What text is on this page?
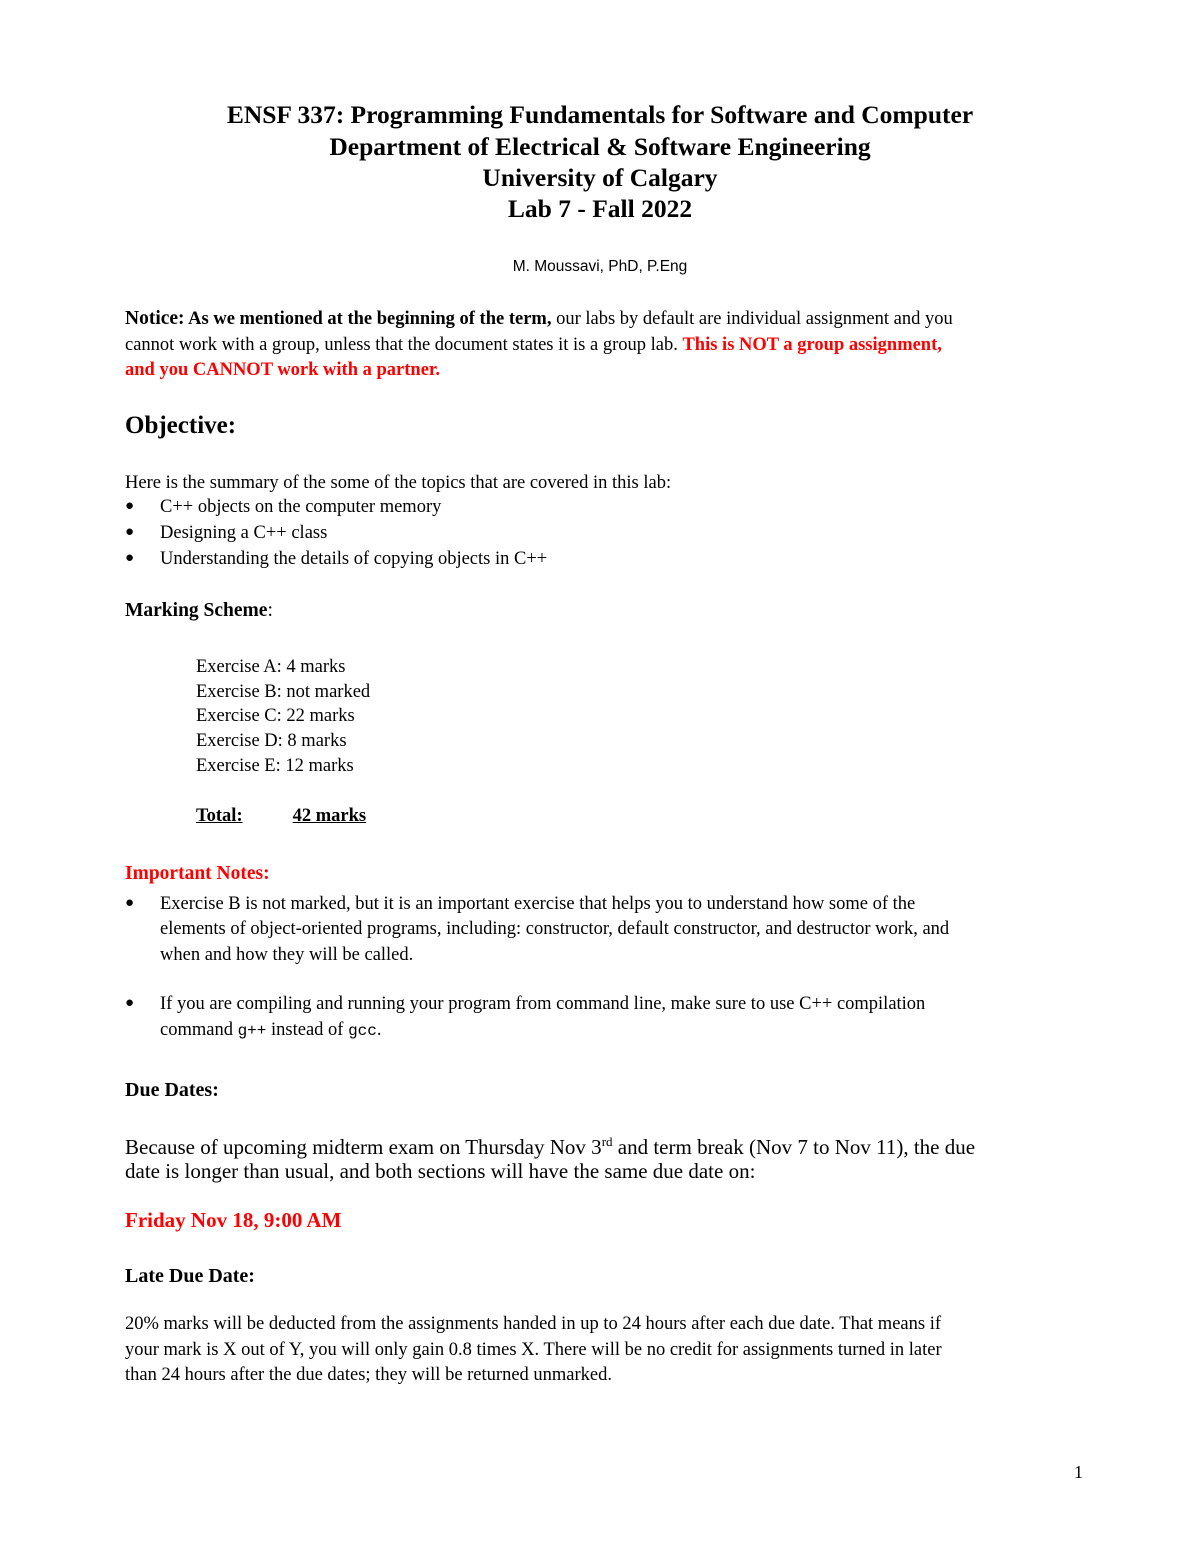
ENSF 337: Programming Fundamentals for Software and Computer
Department of Electrical & Software Engineering
University of Calgary
Lab 7 - Fall 2022
M. Moussavi, PhD, P.Eng
Notice: As we mentioned at the beginning of the term, our labs by default are individual assignment and you
cannot work with a group, unless that the document states it is a group lab. This is NOT a group assignment,
and you CANNOT work with a partner.
Objective:
Here is the summary of the some of the topics that are covered in this lab:
● C++ objects on the computer memory
● Designing a C++ class
● Understanding the details of copying objects in C++
Marking Scheme:
Exercise A: 4 marks
Exercise B: not marked
Exercise C: 22 marks
Exercise D: 8 marks
Exercise E: 12 marks
Total:	42 marks
Important Notes:
● Exercise B is not marked, but it is an important exercise that helps you to understand how some of the
elements of object-oriented programs, including: constructor, default constructor, and destructor work, and
when and how they will be called.
● If you are compiling and running your program from command line, make sure to use C++ compilation
command g++ instead of gcc.
Due Dates:
Because of upcoming midterm exam on Thursday Nov 3rd and term break (Nov 7 to Nov 11), the due
date is longer than usual, and both sections will have the same due date on:
Friday Nov 18, 9:00 AM
Late Due Date:
20% marks will be deducted from the assignments handed in up to 24 hours after each due date. That means if
your mark is X out of Y, you will only gain 0.8 times X. There will be no credit for assignments turned in later
than 24 hours after the due dates; they will be returned unmarked.
1
